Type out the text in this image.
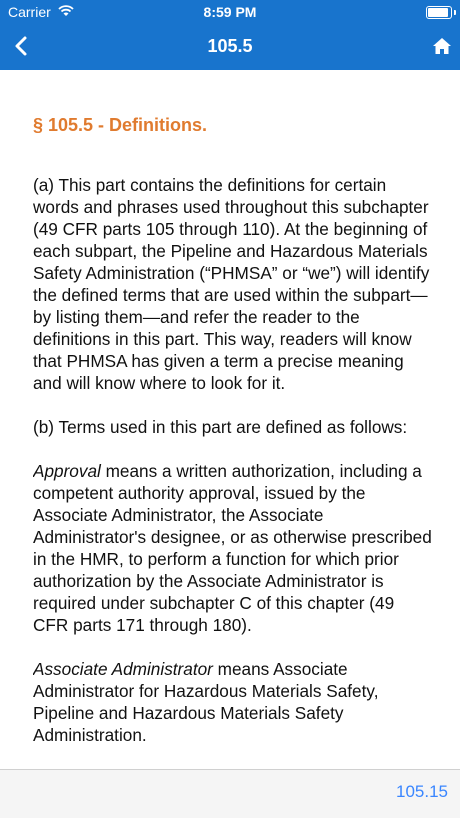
Carrier	8:59 PM
105.5
§ 105.5 - Definitions.

(a) This part contains the definitions for certain words and phrases used throughout this subchapter (49 CFR parts 105 through 110). At the beginning of each subpart, the Pipeline and Hazardous Materials Safety Administration (“PHMSA” or “we”) will identify the defined terms that are used within the subpart—by listing them—and refer the reader to the definitions in this part. This way, readers will know that PHMSA has given a term a precise meaning and will know where to look for it.

(b) Terms used in this part are defined as follows:

Approval means a written authorization, including a competent authority approval, issued by the Associate Administrator, the Associate Administrator's designee, or as otherwise prescribed in the HMR, to perform a function for which prior authorization by the Associate Administrator is required under subchapter C of this chapter (49 CFR parts 171 through 180).

Associate Administrator means Associate Administrator for Hazardous Materials Safety, Pipeline and Hazardous Materials Safety Administration.

105.15
